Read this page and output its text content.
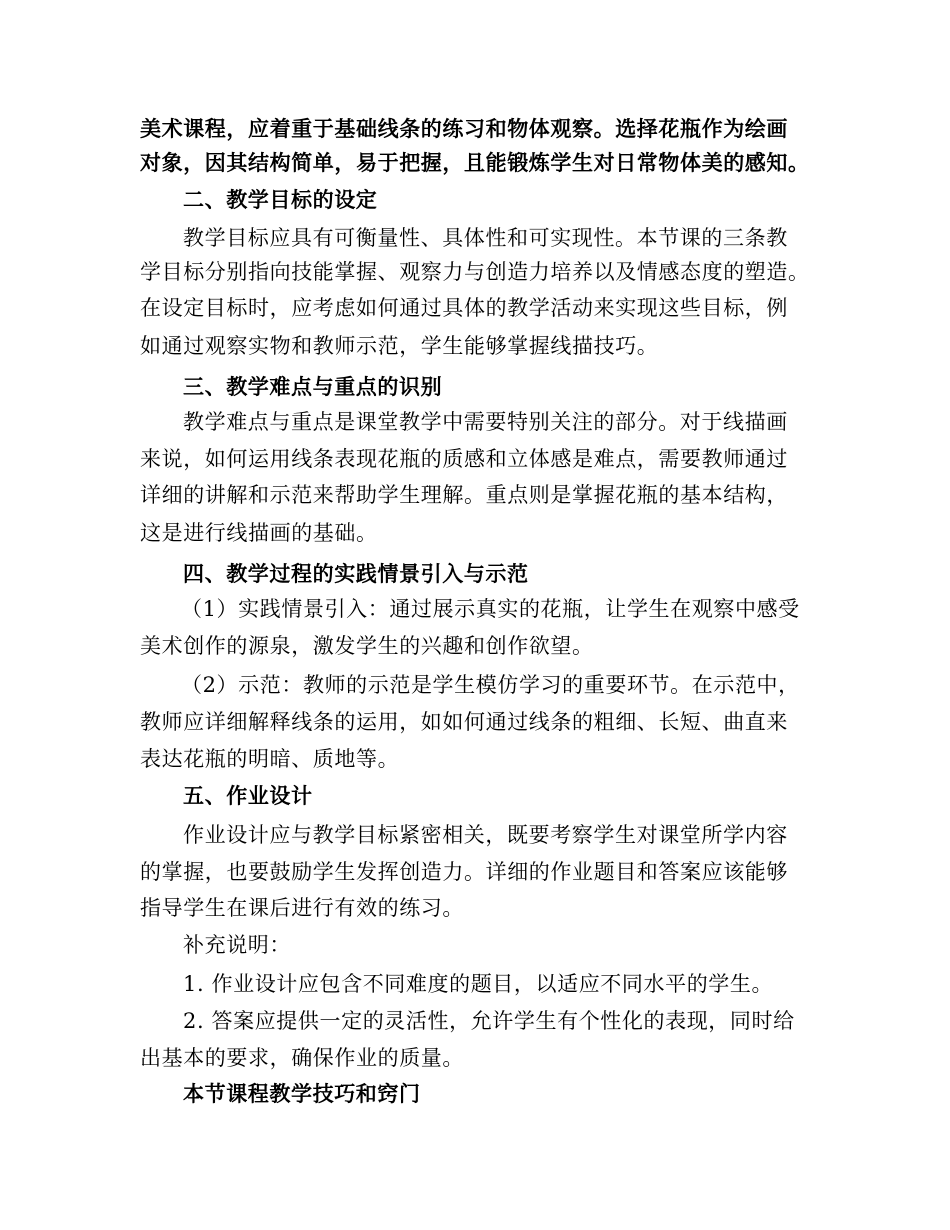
美术课程，应着重于基础线条的练习和物体观察。选择花瓶作为绘画
对象，因其结构简单，易于把握，且能锻炼学生对日常物体美的感知。
二、教学目标的设定
教学目标应具有可衡量性、具体性和可实现性。本节课的三条教
学目标分别指向技能掌握、观察力与创造力培养以及情感态度的塑造。
在设定目标时，应考虑如何通过具体的教学活动来实现这些目标，例
如通过观察实物和教师示范，学生能够掌握线描技巧。
三、教学难点与重点的识别
教学难点与重点是课堂教学中需要特别关注的部分。对于线描画
来说，如何运用线条表现花瓶的质感和立体感是难点，需要教师通过
详细的讲解和示范来帮助学生理解。重点则是掌握花瓶的基本结构，
这是进行线描画的基础。
四、教学过程的实践情景引入与示范
（1）实践情景引入：通过展示真实的花瓶，让学生在观察中感受
美术创作的源泉，激发学生的兴趣和创作欲望。
（2）示范：教师的示范是学生模仿学习的重要环节。在示范中，
教师应详细解释线条的运用，如如何通过线条的粗细、长短、曲直来
表达花瓶的明暗、质地等。
五、作业设计
作业设计应与教学目标紧密相关，既要考察学生对课堂所学内容
的掌握，也要鼓励学生发挥创造力。详细的作业题目和答案应该能够
指导学生在课后进行有效的练习。
补充说明：
1. 作业设计应包含不同难度的题目，以适应不同水平的学生。
2. 答案应提供一定的灵活性，允许学生有个性化的表现，同时给
出基本的要求，确保作业的质量。
本节课程教学技巧和窍门
